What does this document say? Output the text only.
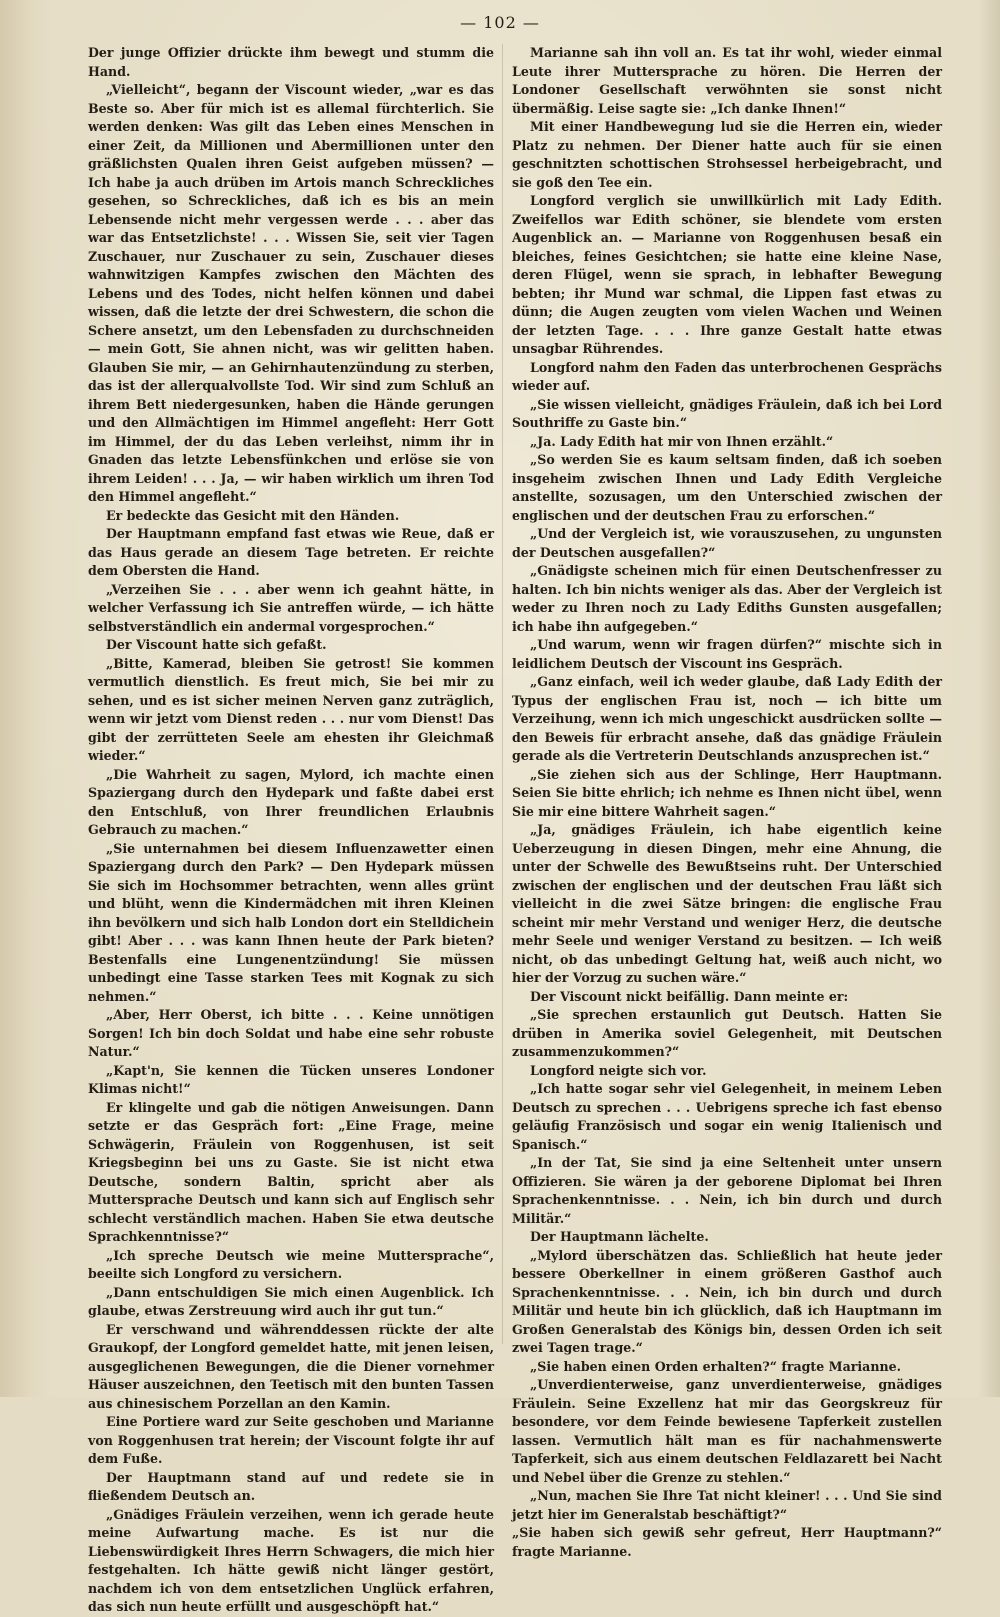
— 102 —

Der junge Offizier drückte ihm bewegt und stumm die Hand.

„Vielleicht“, begann der Viscount wieder, „war es das Beste so. Aber für mich ist es allemal fürchterlich. Sie werden denken: Was gilt das Leben eines Menschen in einer Zeit, da Millionen und Abermillionen unter den gräßlichsten Qualen ihren Geist aufgeben müssen? — Ich habe ja auch drüben im Artois manch Schreckliches gesehen, so Schreckliches, daß ich es bis an mein Lebensende nicht mehr vergessen werde . . . aber das war das Entsetzlichste! . . . Wissen Sie, seit vier Tagen Zuschauer, nur Zuschauer zu sein, Zuschauer dieses wahnwitzigen Kampfes zwischen den Mächten des Lebens und des Todes, nicht helfen können und dabei wissen, daß die letzte der drei Schwestern, die schon die Schere ansetzt, um den Lebensfaden zu durchschneiden — mein Gott, Sie ahnen nicht, was wir gelitten haben. Glauben Sie mir, — an Gehirnhautenzündung zu sterben, das ist der allerqualvollste Tod. Wir sind zum Schluß an ihrem Bett niedergesunken, haben die Hände gerungen und den Allmächtigen im Himmel angefleht: Herr Gott im Himmel, der du das Leben verleihst, nimm ihr in Gnaden das letzte Lebensfünkchen und erlöse sie von ihrem Leiden! . . . Ja, — wir haben wirklich um ihren Tod den Himmel angefleht.“

Er bedeckte das Gesicht mit den Händen.

Der Hauptmann empfand fast etwas wie Reue, daß er das Haus gerade an diesem Tage betreten. Er reichte dem Obersten die Hand.

„Verzeihen Sie . . . aber wenn ich geahnt hätte, in welcher Verfassung ich Sie antreffen würde, — ich hätte selbstverständlich ein andermal vorgesprochen.“

Der Viscount hatte sich gefaßt.

„Bitte, Kamerad, bleiben Sie getrost! Sie kommen vermutlich dienstlich. Es freut mich, Sie bei mir zu sehen, und es ist sicher meinen Nerven ganz zuträglich, wenn wir jetzt vom Dienst reden . . . nur vom Dienst! Das gibt der zerrütteten Seele am ehesten ihr Gleichmaß wieder.“

„Die Wahrheit zu sagen, Mylord, ich machte einen Spaziergang durch den Hydepark und faßte dabei erst den Entschluß, von Ihrer freundlichen Erlaubnis Gebrauch zu machen.“

„Sie unternahmen bei diesem Influenzawetter einen Spaziergang durch den Park? — Den Hydepark müssen Sie sich im Hochsommer betrachten, wenn alles grünt und blüht, wenn die Kindermädchen mit ihren Kleinen ihn bevölkern und sich halb London dort ein Stelldichein gibt! Aber . . . was kann Ihnen heute der Park bieten? Bestenfalls eine Lungenentzündung! Sie müssen unbedingt eine Tasse starken Tees mit Kognak zu sich nehmen.“

„Aber, Herr Oberst, ich bitte . . . Keine unnötigen Sorgen! Ich bin doch Soldat und habe eine sehr robuste Natur.“

„Kapt'n, Sie kennen die Tücken unseres Londoner Klimas nicht!“

Er klingelte und gab die nötigen Anweisungen. Dann setzte er das Gespräch fort: „Eine Frage, meine Schwägerin, Fräulein von Roggenhusen, ist seit Kriegsbeginn bei uns zu Gaste. Sie ist nicht etwa Deutsche, sondern Baltin, spricht aber als Muttersprache Deutsch und kann sich auf Englisch sehr schlecht verständlich machen. Haben Sie etwa deutsche Sprachkenntnisse?“

„Ich spreche Deutsch wie meine Muttersprache“, beeilte sich Longford zu versichern.

„Dann entschuldigen Sie mich einen Augenblick. Ich glaube, etwas Zerstreuung wird auch ihr gut tun.“

Er verschwand und währenddessen rückte der alte Graukopf, der Longford gemeldet hatte, mit jenen leisen, ausgeglichenen Bewegungen, die die Diener vornehmer Häuser auszeichnen, den Teetisch mit den bunten Tassen aus chinesischem Porzellan an den Kamin.

Eine Portiere ward zur Seite geschoben und Marianne von Roggenhusen trat herein; der Viscount folgte ihr auf dem Fuße.

Der Hauptmann stand auf und redete sie in fließendem Deutsch an.

„Gnädiges Fräulein verzeihen, wenn ich gerade heute meine Aufwartung mache. Es ist nur die Liebenswürdigkeit Ihres Herrn Schwagers, die mich hier festgehalten. Ich hätte gewiß nicht länger gestört, nachdem ich von dem entsetzlichen Unglück erfahren, das sich nun heute erfüllt und ausgeschöpft hat.“

Marianne sah ihn voll an. Es tat ihr wohl, wieder einmal Leute ihrer Muttersprache zu hören. Die Herren der Londoner Gesellschaft verwöhnten sie sonst nicht übermäßig. Leise sagte sie: „Ich danke Ihnen!“

Mit einer Handbewegung lud sie die Herren ein, wieder Platz zu nehmen. Der Diener hatte auch für sie einen geschnitzten schottischen Strohsessel herbeigebracht, und sie goß den Tee ein.

Longford verglich sie unwillkürlich mit Lady Edith. Zweifellos war Edith schöner, sie blendete vom ersten Augenblick an. — Marianne von Roggenhusen besaß ein bleiches, feines Gesichtchen; sie hatte eine kleine Nase, deren Flügel, wenn sie sprach, in lebhafter Bewegung bebten; ihr Mund war schmal, die Lippen fast etwas zu dünn; die Augen zeugten vom vielen Wachen und Weinen der letzten Tage. . . . Ihre ganze Gestalt hatte etwas unsagbar Rührendes.

Longford nahm den Faden das unterbrochenen Gesprächs wieder auf.

„Sie wissen vielleicht, gnädiges Fräulein, daß ich bei Lord Southriffe zu Gaste bin.“

„Ja. Lady Edith hat mir von Ihnen erzählt.“

„So werden Sie es kaum seltsam finden, daß ich soeben insgeheim zwischen Ihnen und Lady Edith Vergleiche anstellte, sozusagen, um den Unterschied zwischen der englischen und der deutschen Frau zu erforschen.“

„Und der Vergleich ist, wie vorauszusehen, zu ungunsten der Deutschen ausgefallen?“

„Gnädigste scheinen mich für einen Deutschenfresser zu halten. Ich bin nichts weniger als das. Aber der Vergleich ist weder zu Ihren noch zu Lady Ediths Gunsten ausgefallen; ich habe ihn aufgegeben.“

„Und warum, wenn wir fragen dürfen?“ mischte sich in leidlichem Deutsch der Viscount ins Gespräch.

„Ganz einfach, weil ich weder glaube, daß Lady Edith der Typus der englischen Frau ist, noch — ich bitte um Verzeihung, wenn ich mich ungeschickt ausdrücken sollte — den Beweis für erbracht ansehe, daß das gnädige Fräulein gerade als die Vertreterin Deutschlands anzusprechen ist.“

„Sie ziehen sich aus der Schlinge, Herr Hauptmann. Seien Sie bitte ehrlich; ich nehme es Ihnen nicht übel, wenn Sie mir eine bittere Wahrheit sagen.“

„Ja, gnädiges Fräulein, ich habe eigentlich keine Ueberzeugung in diesen Dingen, mehr eine Ahnung, die unter der Schwelle des Bewußtseins ruht. Der Unterschied zwischen der englischen und der deutschen Frau läßt sich vielleicht in die zwei Sätze bringen: die englische Frau scheint mir mehr Verstand und weniger Herz, die deutsche mehr Seele und weniger Verstand zu besitzen. — Ich weiß nicht, ob das unbedingt Geltung hat, weiß auch nicht, wo hier der Vorzug zu suchen wäre.“

Der Viscount nickt beifällig. Dann meinte er:

„Sie sprechen erstaunlich gut Deutsch. Hatten Sie drüben in Amerika soviel Gelegenheit, mit Deutschen zusammenzukommen?“

Longford neigte sich vor.

„Ich hatte sogar sehr viel Gelegenheit, in meinem Leben Deutsch zu sprechen . . . Uebrigens spreche ich fast ebenso geläufig Französisch und sogar ein wenig Italienisch und Spanisch.“

„In der Tat, Sie sind ja eine Seltenheit unter unsern Offizieren. Sie wären ja der geborene Diplomat bei Ihren Sprachenkenntnisse. . . Nein, ich bin durch und durch Militär.“

Der Hauptmann lächelte.

„Mylord überschätzen das. Schließlich hat heute jeder bessere Oberkellner in einem größeren Gasthof auch Sprachenkenntnisse. . . Nein, ich bin durch und durch Militär und heute bin ich glücklich, daß ich Hauptmann im Großen Generalstab des Königs bin, dessen Orden ich seit zwei Tagen trage.“

„Sie haben einen Orden erhalten?“ fragte Marianne.

„Unverdienterweise, ganz unverdienterweise, gnädiges Fräulein. Seine Exzellenz hat mir das Georgskreuz für besondere, vor dem Feinde bewiesene Tapferkeit zustellen lassen. Vermutlich hält man es für nachahmenswerte Tapferkeit, sich aus einem deutschen Feldlazarett bei Nacht und Nebel über die Grenze zu stehlen.“

„Nun, machen Sie Ihre Tat nicht kleiner! . . . Und Sie sind jetzt hier im Generalstab beschäftigt?“

„Sie haben sich gewiß sehr gefreut, Herr Hauptmann?“ fragte Marianne.
